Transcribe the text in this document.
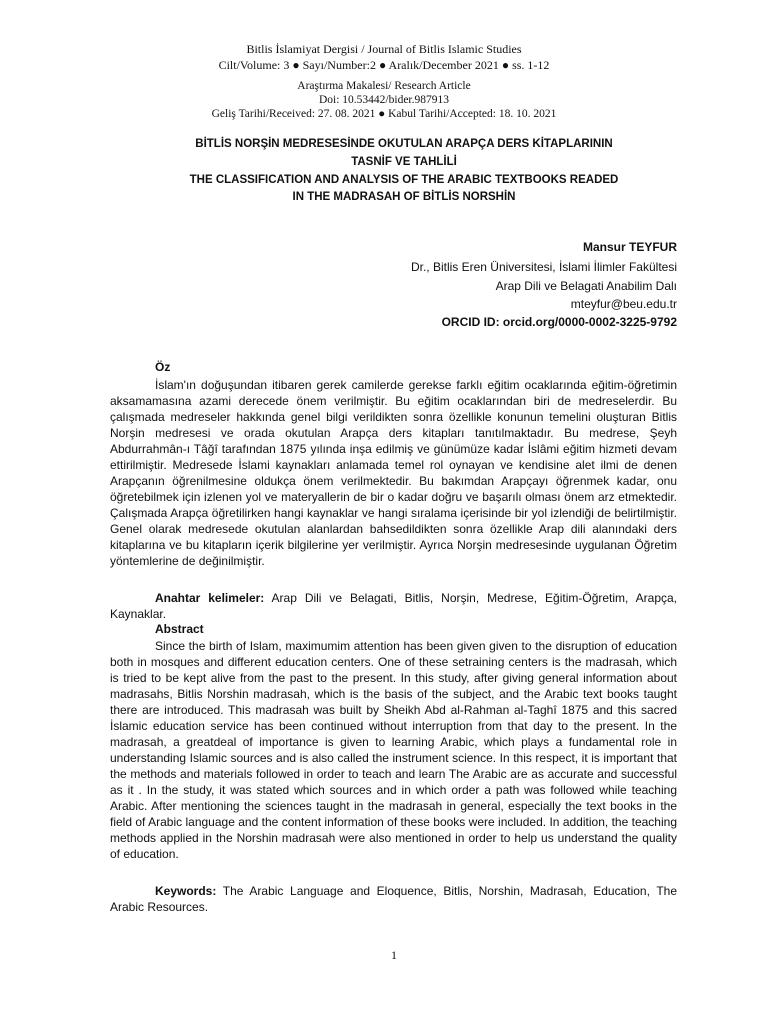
Bitlis İslamiyat Dergisi / Journal of Bitlis Islamic Studies
Cilt/Volume: 3 ● Sayı/Number:2 ● Aralık/December 2021 ● ss. 1-12
Araştırma Makalesi/ Research Article
Doi: 10.53442/bider.987913
Geliş Tarihi/Received: 27. 08. 2021 ● Kabul Tarihi/Accepted: 18. 10. 2021
BİTLİS NORŞİN MEDRESESİNDE OKUTULAN ARAPÇA DERS KİTAPLARININ
TASNİF VE TAHLİLİ
THE CLASSIFICATION AND ANALYSIS OF THE ARABIC TEXTBOOKS READED
IN THE MADRASAH OF BİTLİS NORSHİN
Mansur TEYFUR
Dr., Bitlis Eren Üniversitesi, İslami İlimler Fakültesi
Arap Dili ve Belagati Anabilim Dalı
mteyfur@beu.edu.tr
ORCID ID: orcid.org/0000-0002-3225-9792
Öz

İslam'ın doğuşundan itibaren gerek camilerde gerekse farklı eğitim ocaklarında eğitim-öğretimin aksamamasına azami derecede önem verilmiştir. Bu eğitim ocaklarından biri de medreselerdir. Bu çalışmada medreseler hakkında genel bilgi verildikten sonra özellikle konunun temelini oluşturan Bitlis Norşin medresesi ve orada okutulan Arapça ders kitapları tanıtılmaktadır. Bu medrese, Şeyh Abdurrahmân-ı Tâğî tarafından 1875 yılında inşa edilmiş ve günümüze kadar İslâmi eğitim hizmeti devam ettirilmiştir. Medresede İslami kaynakları anlamada temel rol oynayan ve kendisine alet ilmi de denen Arapçanın öğrenilmesine oldukça önem verilmektedir. Bu bakımdan Arapçayı öğrenmek kadar, onu öğretebilmek için izlenen yol ve materyallerin de bir o kadar doğru ve başarılı olması önem arz etmektedir. Çalışmada Arapça öğretilirken hangi kaynaklar ve hangi sıralama içerisinde bir yol izlendiği de belirtilmiştir. Genel olarak medresede okutulan alanlardan bahsedildikten sonra özellikle Arap dili alanındaki ders kitaplarına ve bu kitapların içerik bilgilerine yer verilmiştir. Ayrıca Norşin medresesinde uygulanan Öğretim yöntemlerine de değinilmiştir.

Anahtar kelimeler: Arap Dili ve Belagati, Bitlis, Norşin, Medrese, Eğitim-Öğretim, Arapça, Kaynaklar.

Abstract

Since the birth of Islam, maximumim attention has been given given to the disruption of education both in mosques and different education centers. One of these setraining centers is the madrasah, which is tried to be kept alive from the past to the present. In this study, after giving general information about madrasahs, Bitlis Norshin madrasah, which is the basis of the subject, and the Arabic text books taught there are introduced. This madrasah was built by Sheikh Abd al-Rahman al-Taghî 1875 and this sacred İslamic education service has been continued without interruption from that day to the present. In the madrasah, a greatdeal of importance is given to learning Arabic, which plays a fundamental role in understanding Islamic sources and is also called the instrument science. In this respect, it is important that the methods and materials followed in order to teach and learn The Arabic are as accurate and successful as it . In the study, it was stated which sources and in which order a path was followed while teaching Arabic. After mentioning the sciences taught in the madrasah in general, especially the text books in the field of Arabic language and the content information of these books were included. In addition, the teaching methods applied in the Norshin madrasah were also mentioned in order to help us understand the quality of education.

Keywords: The Arabic Language and Eloquence, Bitlis, Norshin, Madrasah, Education, The Arabic Resources.

1
